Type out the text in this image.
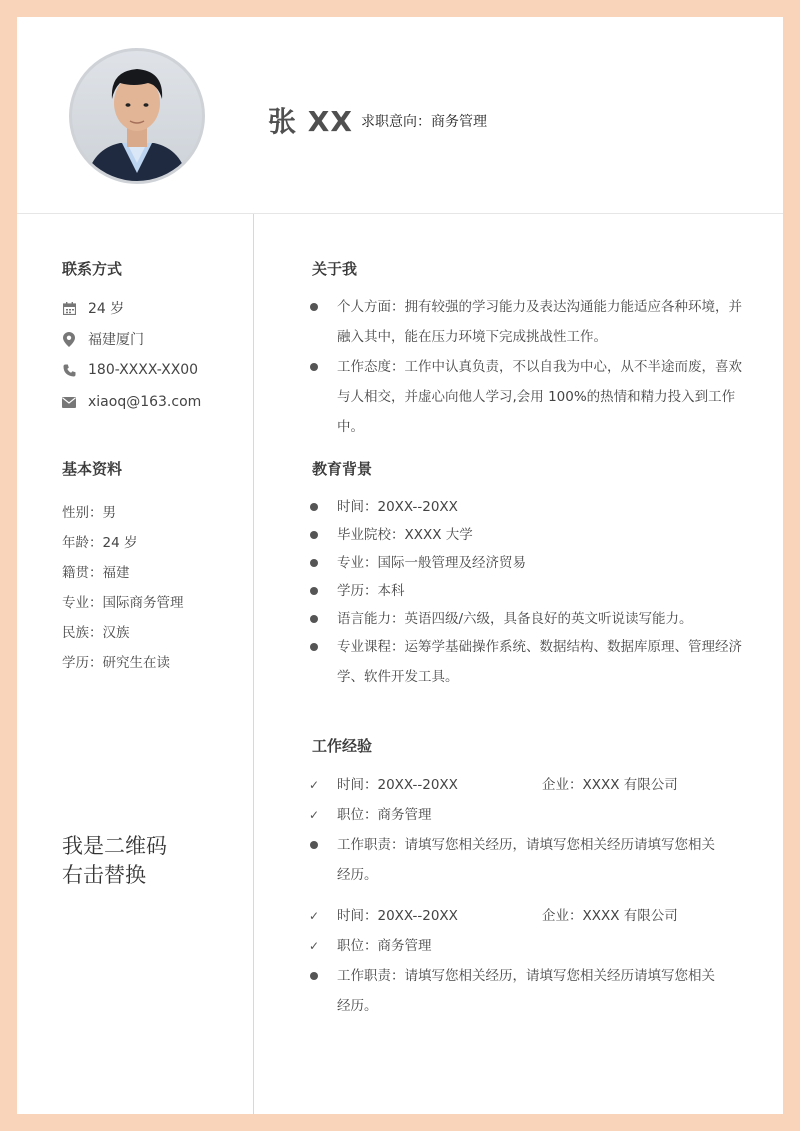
张 XX 求职意向：商务管理
联系方式
24 岁
福建厦门
180-XXXX-XX00
xiaoq@163.com
基本资料
性别：男
年龄：24 岁
籍贯：福建
专业：国际商务管理
民族：汉族
学历：研究生在读
我是二维码
右击替换
关于我
个人方面：拥有较强的学习能力及表达沟通能力能适应各种环境，并融入其中，能在压力环境下完成挑战性工作。
工作态度：工作中认真负责，不以自我为中心，从不半途而废，喜欢与人相交，并虚心向他人学习,会用 100%的热情和精力投入到工作中。
教育背景
时间：20XX--20XX
毕业院校：XXXX 大学
专业：国际一般管理及经济贸易
学历：本科
语言能力：英语四级/六级，具备良好的英文听说读写能力。
专业课程：运筹学基础操作系统、数据结构、数据库原理、管理经济学、软件开发工具。
工作经验
✓ 时间：20XX--20XX	企业：XXXX 有限公司
✓ 职位：商务管理
工作职责：请填写您相关经历，请填写您相关经历请填写您相关经历。
✓ 时间：20XX--20XX	企业：XXXX 有限公司
✓ 职位：商务管理
工作职责：请填写您相关经历，请填写您相关经历请填写您相关经历。
